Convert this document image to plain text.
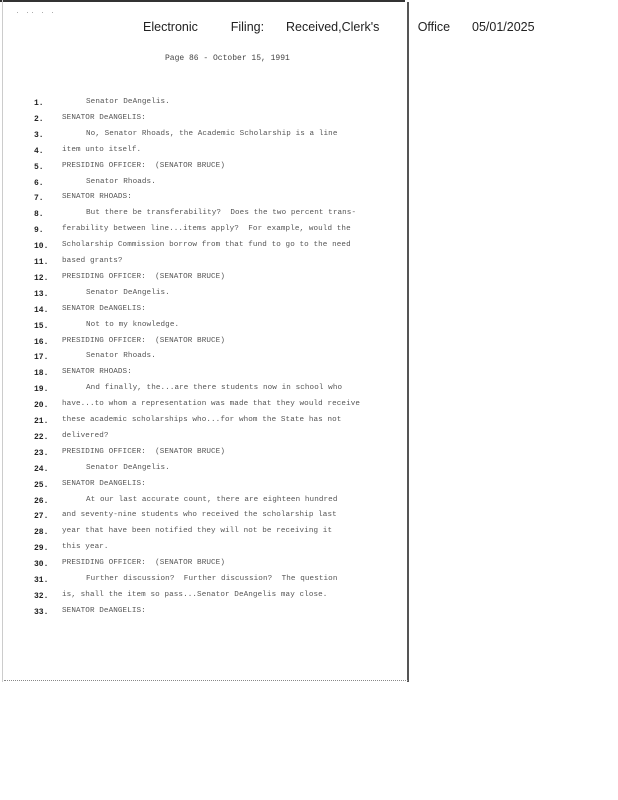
· ·· · ·
Electronic	Filing: Received,Clerk's	Office 05/01/2025
Page 86 - October 15, 1991
1.	Senator DeAngelis.
2. SENATOR DeANGELIS:
3.	No, Senator Rhoads, the Academic Scholarship is a line
4. item unto itself.
5. PRESIDING OFFICER:  (SENATOR BRUCE)
6.	Senator Rhoads.
7. SENATOR RHOADS:
8.	But there be transferability?  Does the two percent trans-
9. ferability between line...items apply?  For example, would the
10. Scholarship Commission borrow from that fund to go to the need
11. based grants?
12. PRESIDING OFFICER:  (SENATOR BRUCE)
13.	Senator DeAngelis.
14. SENATOR DeANGELIS:
15.	Not to my knowledge.
16. PRESIDING OFFICER:  (SENATOR BRUCE)
17.	Senator Rhoads.
18. SENATOR RHOADS:
19.	And finally, the...are there students now in school who
20. have...to whom a representation was made that they would receive
21. these academic scholarships who...for whom the State has not
22. delivered?
23. PRESIDING OFFICER:  (SENATOR BRUCE)
24.	Senator DeAngelis.
25. SENATOR DeANGELIS:
26.	At our last accurate count, there are eighteen hundred
27. and seventy-nine students who received the scholarship last
28. year that have been notified they will not be receiving it
29. this year.
30. PRESIDING OFFICER:  (SENATOR BRUCE)
31.	Further discussion?  Further discussion?  The question
32. is, shall the item so pass...Senator DeAngelis may close.
33. SENATOR DeANGELIS:
